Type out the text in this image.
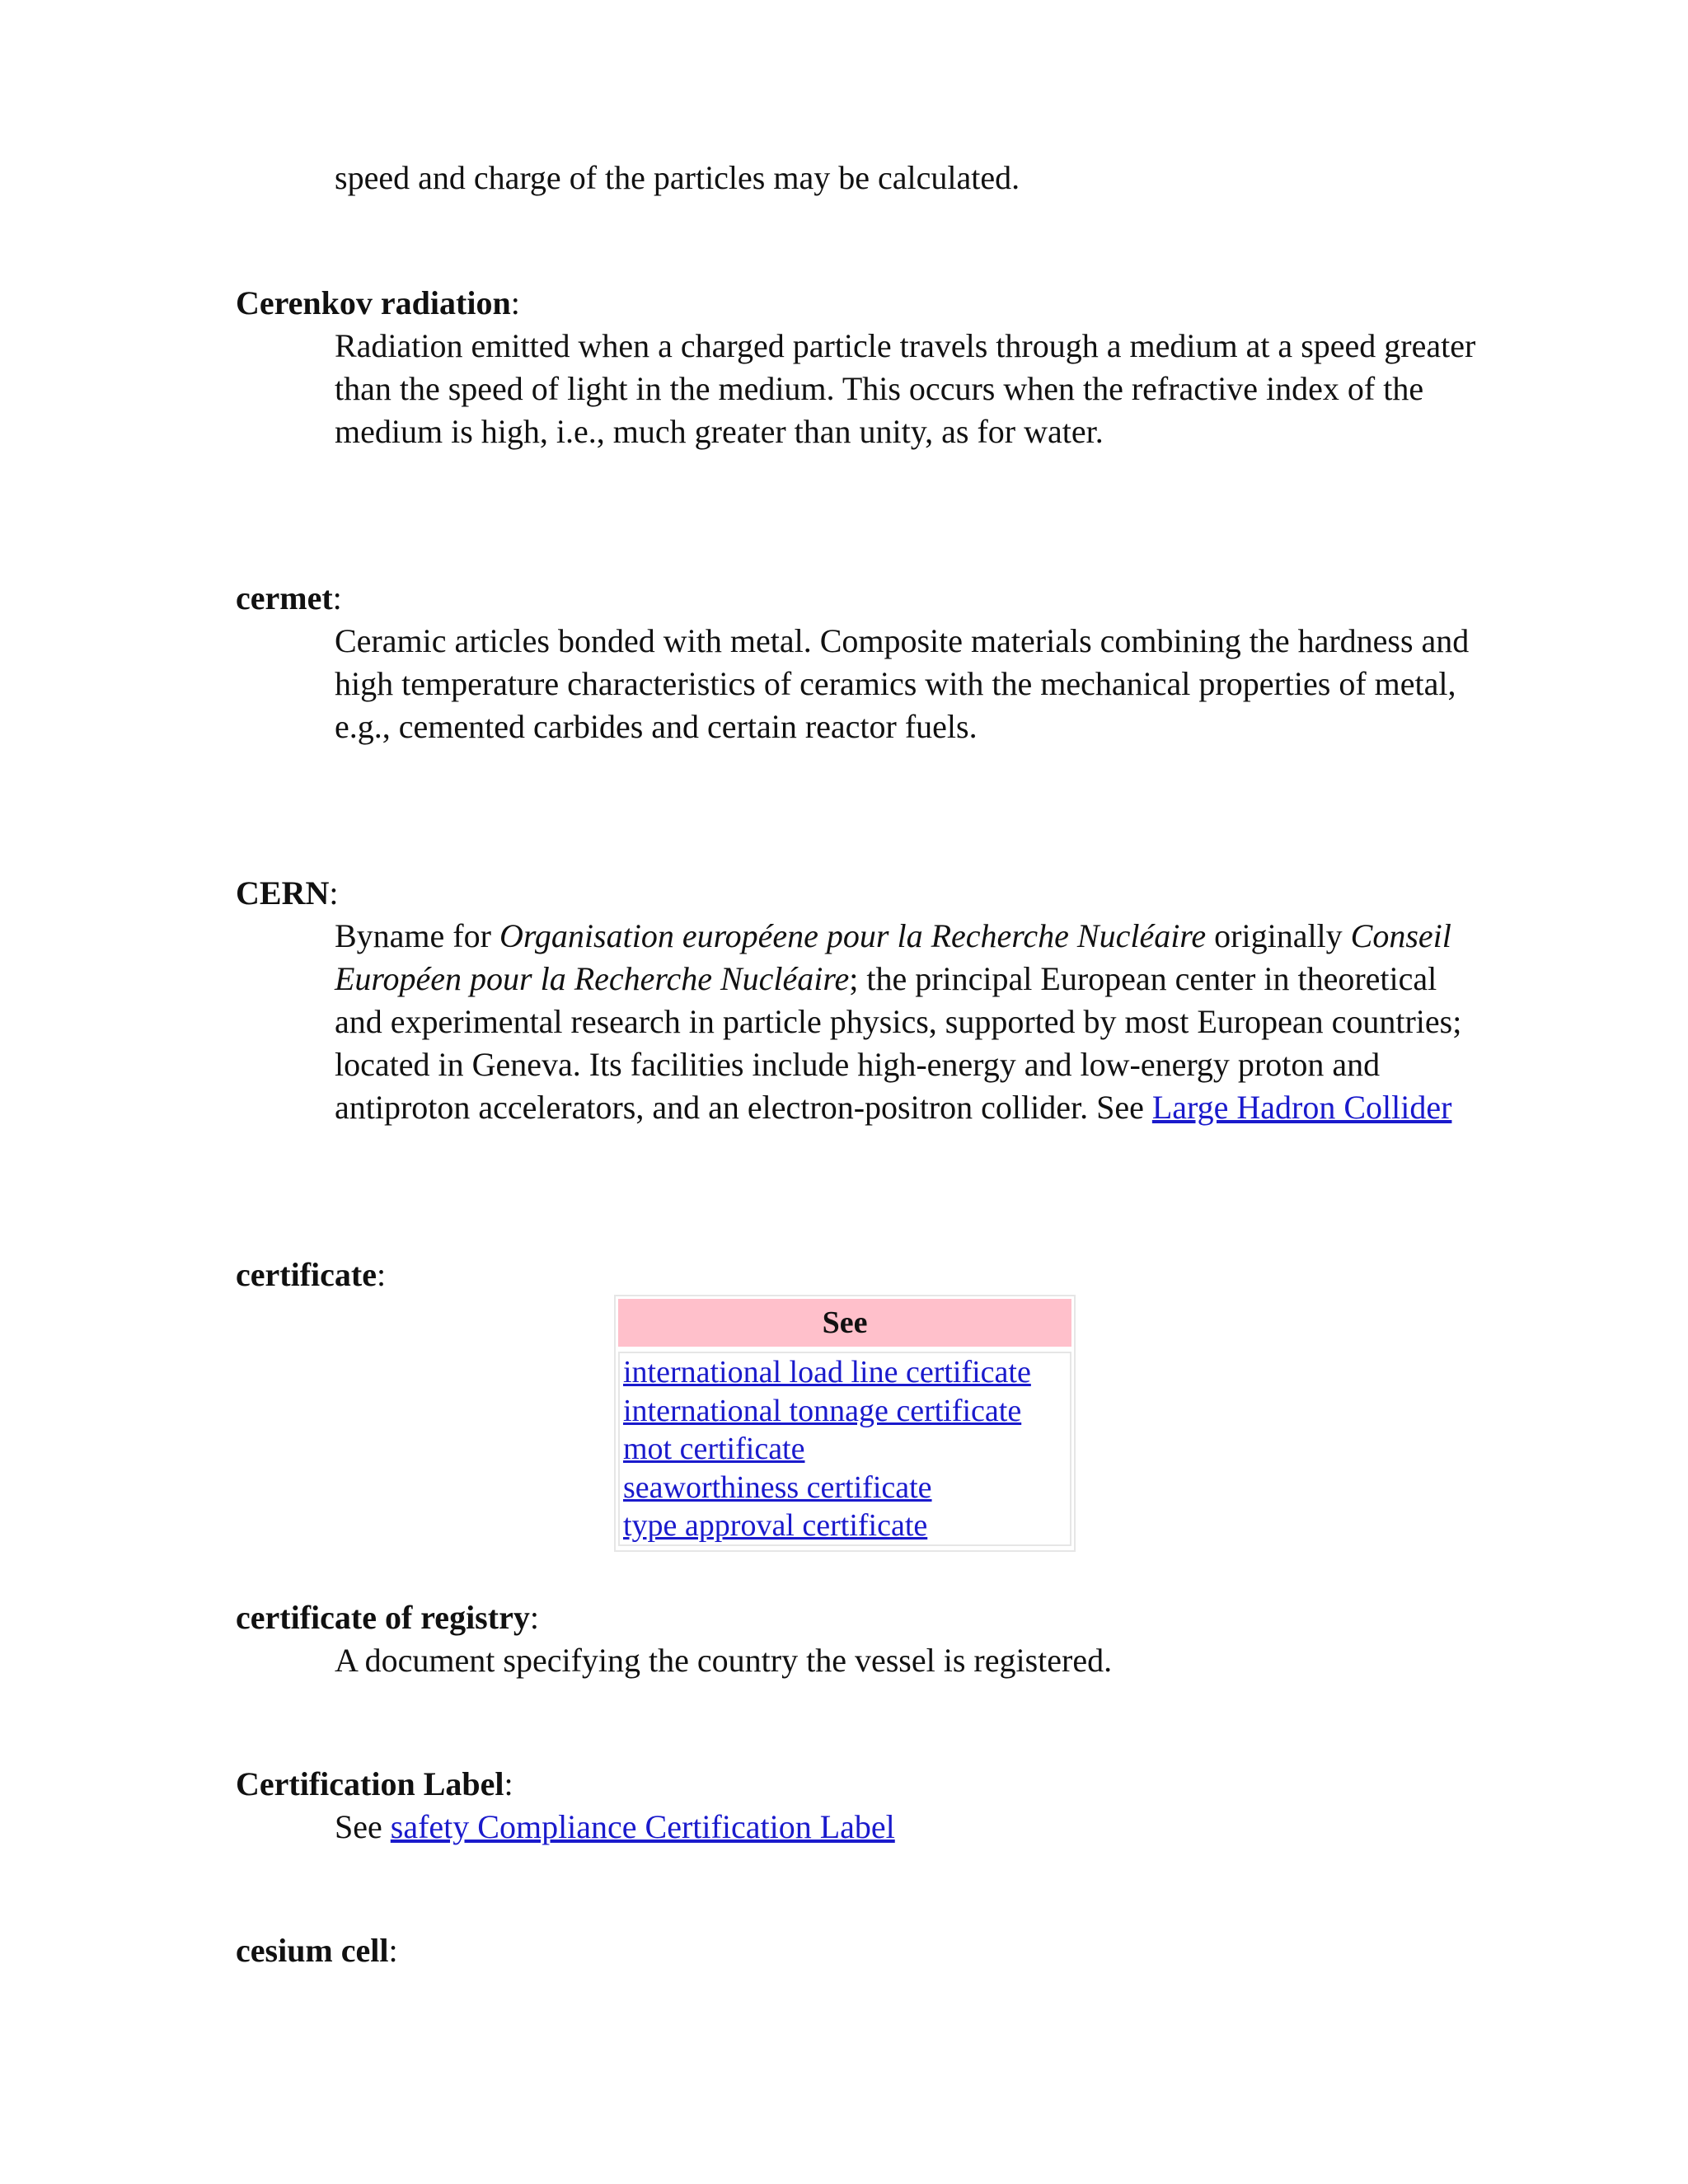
speed and charge of the particles may be calculated.
Cerenkov radiation:
Radiation emitted when a charged particle travels through a medium at a speed greater than the speed of light in the medium. This occurs when the refractive index of the medium is high, i.e., much greater than unity, as for water.
cermet:
Ceramic articles bonded with metal. Composite materials combining the hardness and high temperature characteristics of ceramics with the mechanical properties of metal, e.g., cemented carbides and certain reactor fuels.
CERN:
Byname for Organisation européene pour la Recherche Nucléaire originally Conseil Européen pour la Recherche Nucléaire; the principal European center in theoretical and experimental research in particle physics, supported by most European countries; located in Geneva. Its facilities include high-energy and low-energy proton and antiproton accelerators, and an electron-positron collider. See Large Hadron Collider
certificate:
See
international load line certificate
international tonnage certificate
mot certificate
seaworthiness certificate
type approval certificate
certificate of registry:
A document specifying the country the vessel is registered.
Certification Label:
See safety Compliance Certification Label
cesium cell:
